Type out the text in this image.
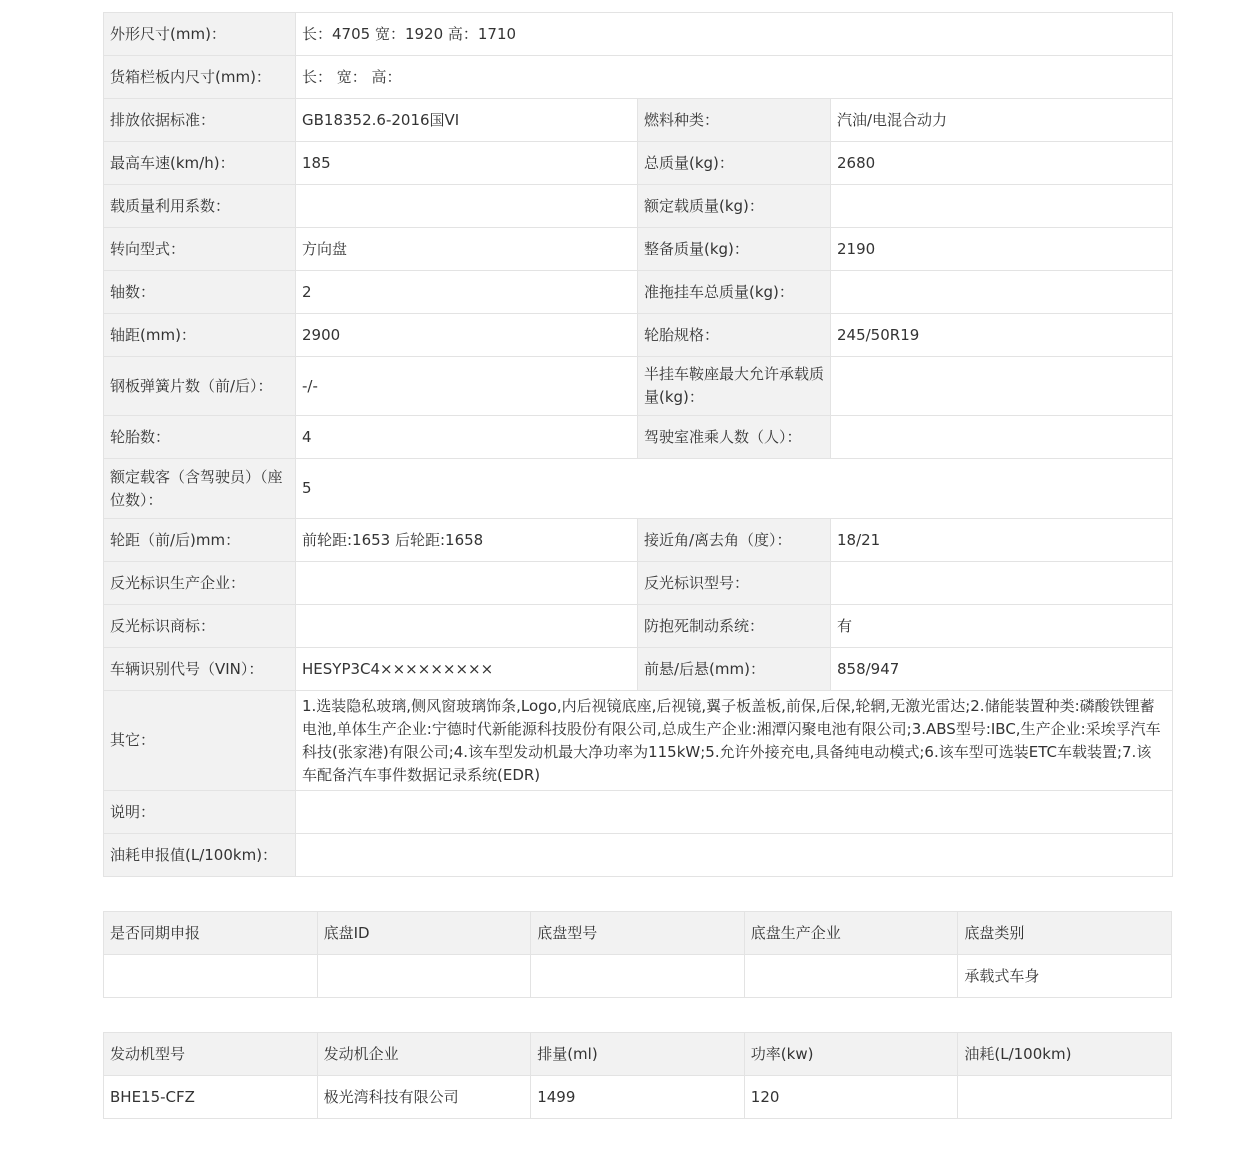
外形尺寸(mm)：	长：4705 宽：1920 高：1710		
货箱栏板内尺寸(mm)：	长： 宽： 高：		
排放依据标准：	GB18352.6-2016国VI	燃料种类：	汽油/电混合动力
最高车速(km/h)：	185	总质量(kg)：	2680
载质量利用系数：		额定载质量(kg)：	
转向型式：	方向盘	整备质量(kg)：	2190
轴数：	2	准拖挂车总质量(kg)：	
轴距(mm)：	2900	轮胎规格：	245/50R19
钢板弹簧片数（前/后）：	-/-	半挂车鞍座最大允许承载质量(kg)：	
轮胎数：	4	驾驶室准乘人数（人）：	
额定载客（含驾驶员）（座位数）：	5		
轮距（前/后)mm：	前轮距:1653 后轮距:1658	接近角/离去角（度）：	18/21
反光标识生产企业：		反光标识型号：	
反光标识商标：		防抱死制动系统：	有
车辆识别代号（VIN）：	HESYP3C4×××××××××	前悬/后悬(mm)：	858/947
其它：	1.选装隐私玻璃,侧风窗玻璃饰条,Logo,内后视镜底座,后视镜,翼子板盖板,前保,后保,轮辋,无激光雷达;2.储能装置种类:磷酸铁锂蓄电池,单体生产企业:宁德时代新能源科技股份有限公司,总成生产企业:湘潭闪聚电池有限公司;3.ABS型号:IBC,生产企业:采埃孚汽车科技(张家港)有限公司;4.该车型发动机最大净功率为115kW;5.允许外接充电,具备纯电动模式;6.该车型可选装ETC车载装置;7.该车配备汽车事件数据记录系统(EDR)		
说明：			
油耗申报值(L/100km)：			
是否同期申报	底盘ID	底盘型号	底盘生产企业	底盘类别
				承载式车身
发动机型号	发动机企业	排量(ml)	功率(kw)	油耗(L/100km)
BHE15-CFZ	极光湾科技有限公司	1499	120	
